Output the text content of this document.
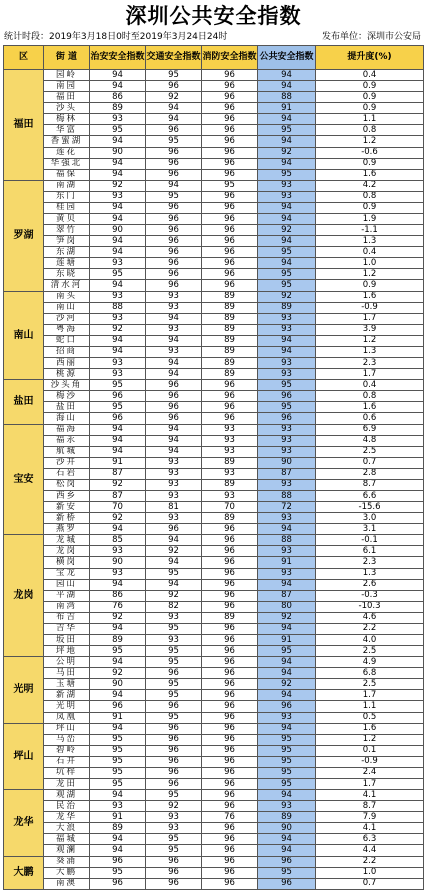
深圳公共安全指数
统计时段：2019年3月18日0时至2019年3月24日24时	发布单位：深圳市公安局
区	街 道	治安安全指数	交通安全指数	消防安全指数	公共安全指数	提升度(%)
福田	园岭	94	95	96	94	0.4
	南园	94	96	96	94	0.9
	福田	86	92	96	88	0.9
	沙头	89	94	96	91	0.9
	梅林	93	94	96	94	1.1
	华富	95	96	96	95	0.8
	香蜜湖	94	95	96	94	1.2
	莲花	90	96	96	92	-0.6
	华强北	94	96	96	94	0.9
	福保	94	96	96	95	1.6
罗湖	南湖	92	94	95	93	4.2
	东门	93	95	96	93	0.8
	桂园	94	96	96	94	0.9
	黄贝	94	96	96	94	1.9
	翠竹	90	96	96	92	-1.1
	笋岗	94	96	96	94	1.3
	东湖	94	96	96	95	0.4
	莲塘	93	96	96	94	1.0
	东晓	95	96	96	95	1.2
	清水河	94	96	96	95	0.9
南山	南头	93	93	89	92	1.6
	南山	88	93	89	89	-0.9
	沙河	93	94	89	93	1.7
	粤海	92	93	89	93	3.9
	蛇口	94	94	89	94	1.2
	招商	94	93	89	94	1.3
	西丽	93	94	89	93	2.3
	桃源	93	94	89	93	1.7
盐田	沙头角	95	96	96	95	0.4
	梅沙	96	96	96	96	0.8
	盐田	95	96	96	95	1.6
	海山	96	96	96	96	0.6
宝安	福海	94	94	93	93	6.9
	福永	94	94	93	93	4.8
	航城	94	94	93	93	2.5
	沙井	91	93	89	90	0.7
	石岩	87	93	93	87	2.8
	松岗	92	93	89	93	8.7
	西乡	87	93	93	88	6.6
	新安	70	81	70	72	-15.6
	新桥	92	93	89	93	3.0
	燕罗	94	96	96	94	3.1
龙岗	龙城	85	94	96	88	-0.1
	龙岗	93	92	96	93	6.1
	横岗	90	94	96	91	2.3
	宝龙	93	95	96	93	1.3
	园山	94	94	96	94	2.6
	平湖	86	92	96	87	-0.3
	南湾	76	82	96	80	-10.3
	布吉	92	93	89	92	4.6
	吉华	94	95	96	94	2.2
	坂田	89	93	96	91	4.0
	坪地	95	95	96	95	2.5
光明	公明	94	95	96	94	4.9
	马田	92	96	96	94	6.8
	玉塘	90	95	96	92	2.5
	新湖	94	95	96	94	1.7
	光明	96	96	96	96	1.1
	凤凰	91	95	96	93	0.5
坪山	坪山	94	96	96	94	1.6
	马峦	95	96	96	95	1.2
	碧岭	95	96	96	95	0.1
	石井	95	96	96	95	-0.9
	坑梓	95	96	96	95	2.4
	龙田	95	96	96	95	1.7
龙华	观湖	94	95	96	94	4.1
	民治	93	92	96	93	8.7
	龙华	91	93	76	89	7.9
	大浪	89	93	96	90	4.1
	福城	94	95	96	94	6.3
	观澜	94	95	96	94	4.4
大鹏	葵涌	96	96	96	96	2.2
	大鹏	95	96	96	95	1.0
	南澳	96	96	96	96	0.7
